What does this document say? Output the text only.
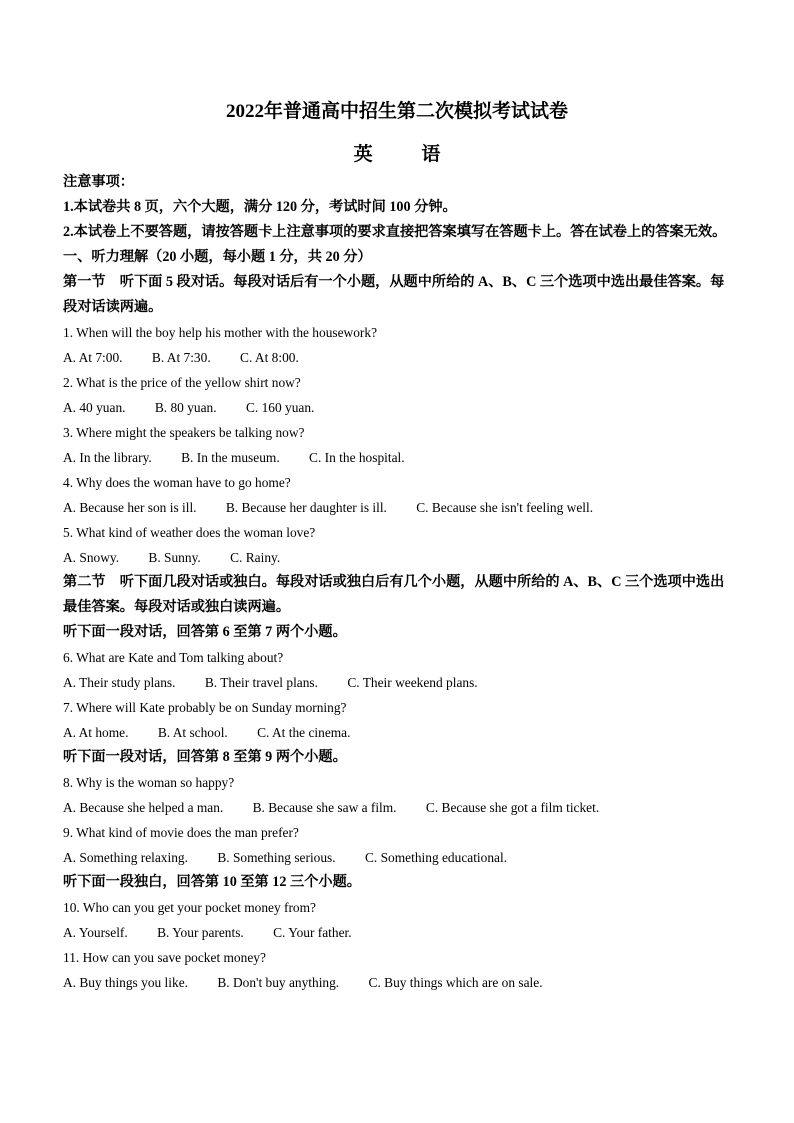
2022年普通高中招生第二次模拟考试试卷
英 语
注意事项：
1.本试卷共 8 页，六个大题，满分 120 分，考试时间 100 分钟。
2.本试卷上不要答题，请按答题卡上注意事项的要求直接把答案填写在答题卡上。答在试卷上的答案无效。
一、听力理解（20 小题，每小题 1 分，共 20 分）
第一节　听下面 5 段对话。每段对话后有一个小题，从题中所给的 A、B、C 三个选项中选出最佳答案。每段对话读两遍。
1. When will the boy help his mother with the housework?
A. At 7:00. B. At 7:30. C. At 8:00.
2. What is the price of the yellow shirt now?
A. 40 yuan. B. 80 yuan. C. 160 yuan.
3. Where might the speakers be talking now?
A. In the library. B. In the museum. C. In the hospital.
4. Why does the woman have to go home?
A. Because her son is ill. B. Because her daughter is ill. C. Because she isn't feeling well.
5. What kind of weather does the woman love?
A. Snowy. B. Sunny. C. Rainy.
第二节　听下面几段对话或独白。每段对话或独白后有几个小题，从题中所给的 A、B、C 三个选项中选出最佳答案。每段对话或独白读两遍。
听下面一段对话，回答第 6 至第 7 两个小题。
6. What are Kate and Tom talking about?
A. Their study plans. B. Their travel plans. C. Their weekend plans.
7. Where will Kate probably be on Sunday morning?
A. At home. B. At school. C. At the cinema.
听下面一段对话，回答第 8 至第 9 两个小题。
8. Why is the woman so happy?
A. Because she helped a man. B. Because she saw a film. C. Because she got a film ticket.
9. What kind of movie does the man prefer?
A. Something relaxing. B. Something serious. C. Something educational.
听下面一段独白，回答第 10 至第 12 三个小题。
10. Who can you get your pocket money from?
A. Yourself. B. Your parents. C. Your father.
11. How can you save pocket money?
A. Buy things you like. B. Don't buy anything. C. Buy things which are on sale.
